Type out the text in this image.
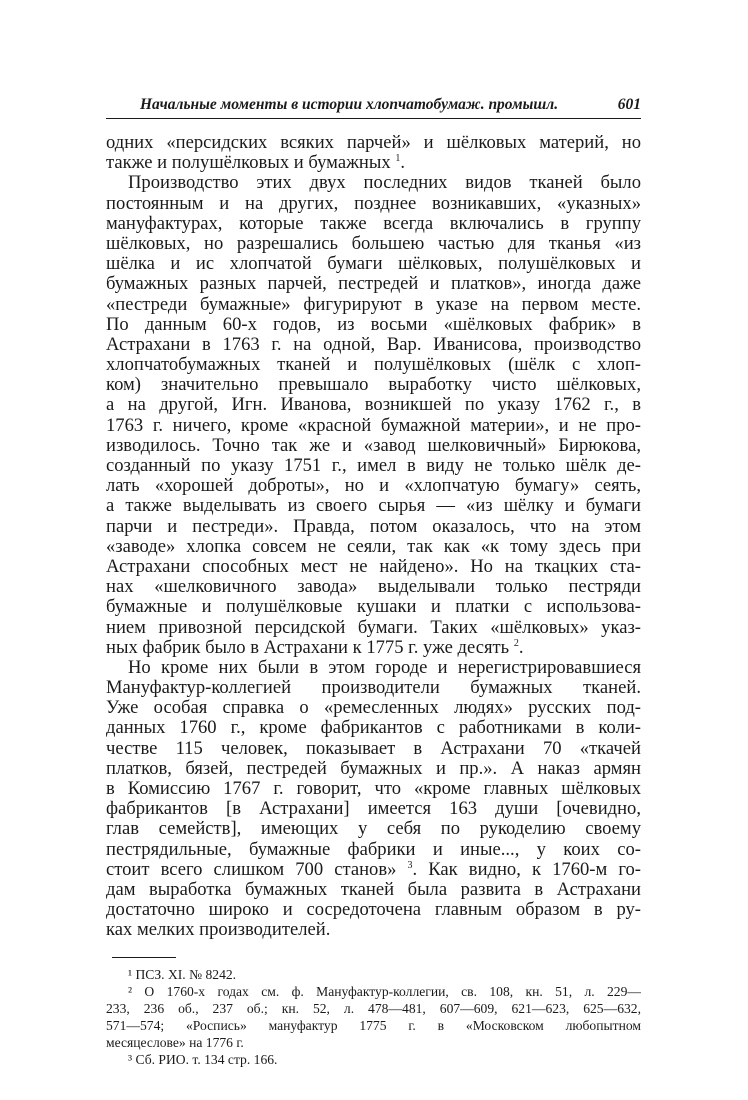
Начальные моменты в истории хлопчатобумаж. промышл.	601

одних «персидских всяких парчей» и шёлковых материй, но
также и полушёлковых и бумажных $^1$.

Производство этих двух последних видов тканей было
постоянным и на других, позднее возникавших, «указных»
мануфактурах, которые также всегда включались в группу
шёлковых, но разрешались большею частью для тканья «из
шёлка и ис хлопчатой бумаги шёлковых, полушёлковых и
бумажных разных парчей, пестредей и платков», иногда даже
«пестреди бумажные» фигурируют в указе на первом месте.
По данным 60-х годов, из восьми «шёлковых фабрик» в
Астрахани в 1763 г. на одной, Вар. Иванисова, производство
хлопчатобумажных тканей и полушёлковых (шёлк с хлоп-
ком) значительно превышало выработку чисто шёлковых,
а на другой, Игн. Иванова, возникшей по указу 1762 г., в
1763 г. ничего, кроме «красной бумажной материи», и не про-
изводилось. Точно так же и «завод шелковичный» Бирюкова,
созданный по указу 1751 г., имел в виду не только шёлк де-
лать «хорошей доброты», но и «хлопчатую бумагу» сеять,
а также выделывать из своего сырья — «из шёлку и бумаги
парчи и пестреди». Правда, потом оказалось, что на этом
«заводе» хлопка совсем не сеяли, так как «к тому здесь при
Астрахани способных мест не найдено». Но на ткацких ста-
нах «шелковичного завода» выделывали только пестряди
бумажные и полушёлковые кушаки и платки с использова-
нием привозной персидской бумаги. Таких «шёлковых» указ-
ных фабрик было в Астрахани к 1775 г. уже десять $^2$.

Но кроме них были в этом городе и нерегистрировавшиеся
Мануфактур-коллегией производители бумажных тканей.
Уже особая справка о «ремесленных людях» русских под-
данных 1760 г., кроме фабрикантов с работниками в коли-
честве 115 человек, показывает в Астрахани 70 «ткачей
платков, бязей, пестредей бумажных и пр.». А наказ армян
в Комиссию 1767 г. говорит, что «кроме главных шёлковых
фабрикантов [в Астрахани] имеется 163 души [очевидно,
глав семейств], имеющих у себя по рукоделию своему
пестрядильные, бумажные фабрики и иные..., у коих со-
стоит всего слишком 700 станов» $^3$. Как видно, к 1760-м го-
дам выработка бумажных тканей была развита в Астрахани
достаточно широко и сосредоточена главным образом в ру-
ках мелких производителей.

¹ ПСЗ. XI. № 8242.
² О 1760-х годах см. ф. Мануфактур-коллегии, св. 108, кн. 51, л. 229—
233, 236 об., 237 об.; кн. 52, л. 478—481, 607—609, 621—623, 625—632,
571—574; «Роспись» мануфактур 1775 г. в «Московском любопытном
месяцеслове» на 1776 г.
³ Сб. РИО. т. 134 стр. 166.
